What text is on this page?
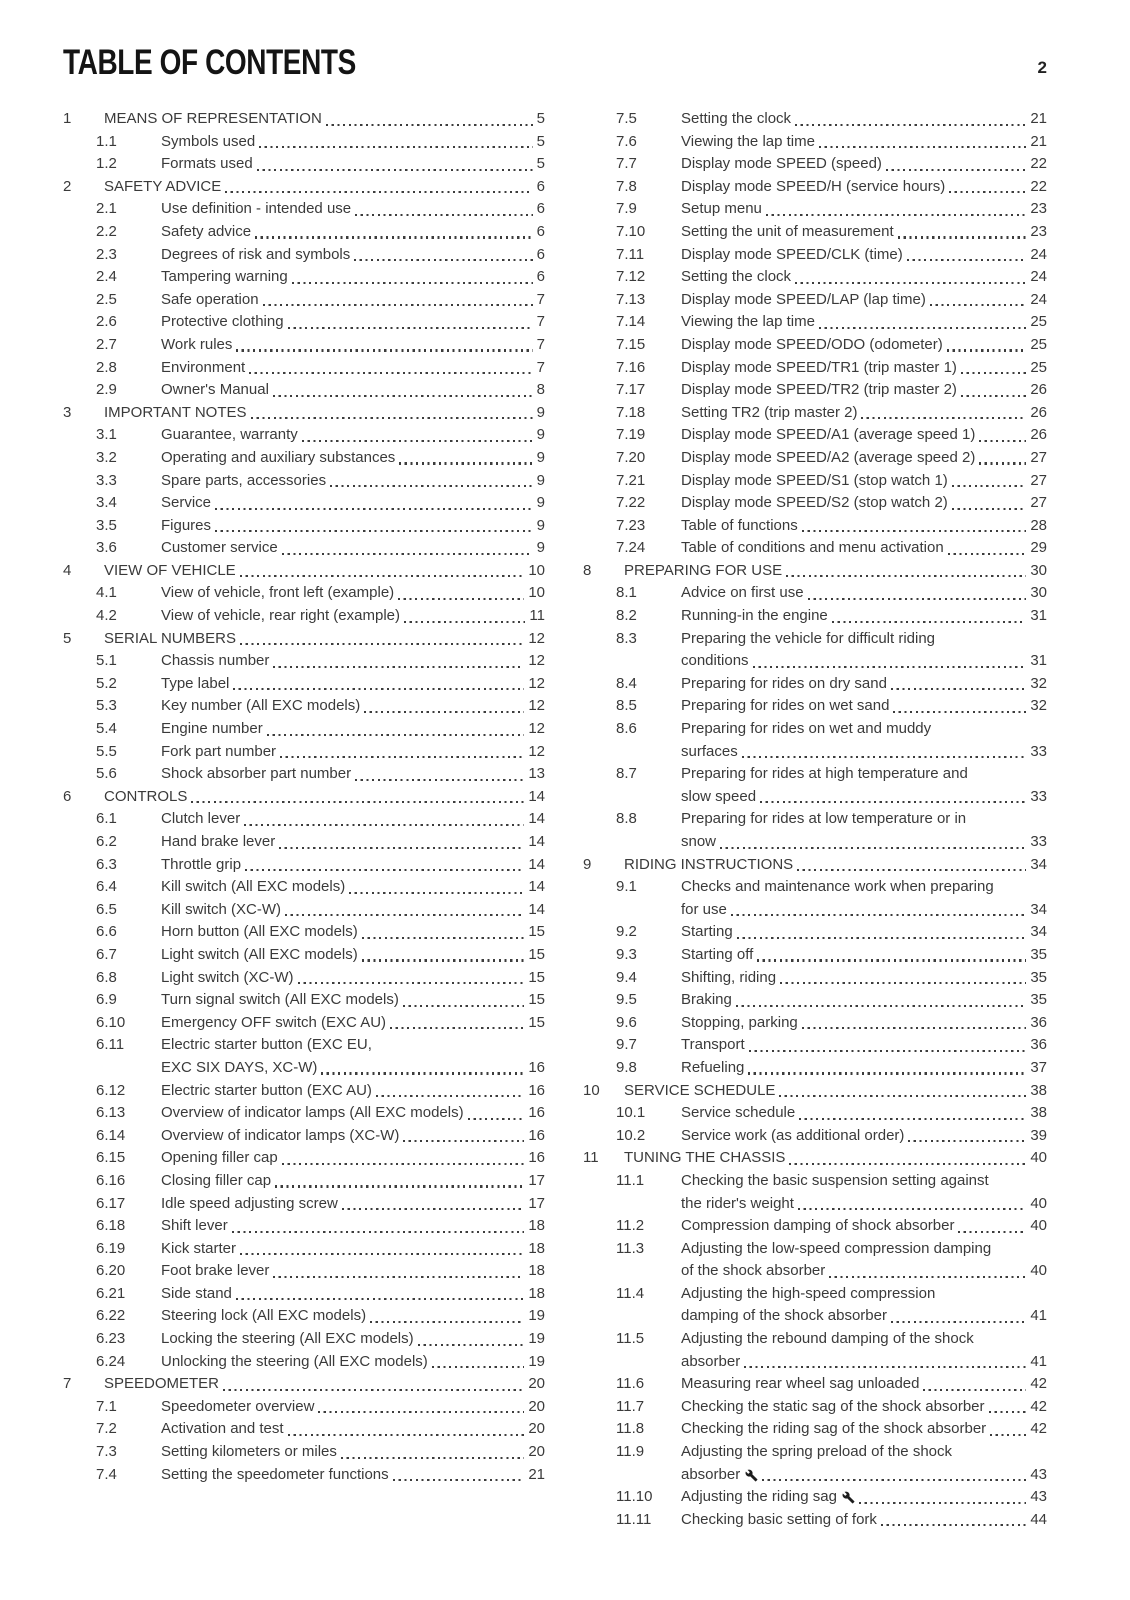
TABLE OF CONTENTS	2
1	MEANS OF REPRESENTATION	5
1.1	Symbols used	5
1.2	Formats used	5
2	SAFETY ADVICE	6
2.1	Use definition - intended use	6
2.2	Safety advice	6
2.3	Degrees of risk and symbols	6
2.4	Tampering warning	6
2.5	Safe operation	7
2.6	Protective clothing	7
2.7	Work rules	7
2.8	Environment	7
2.9	Owner's Manual	8
3	IMPORTANT NOTES	9
3.1	Guarantee, warranty	9
3.2	Operating and auxiliary substances	9
3.3	Spare parts, accessories	9
3.4	Service	9
3.5	Figures	9
3.6	Customer service	9
4	VIEW OF VEHICLE	10
4.1	View of vehicle, front left (example)	10
4.2	View of vehicle, rear right (example)	11
5	SERIAL NUMBERS	12
5.1	Chassis number	12
5.2	Type label	12
5.3	Key number (All EXC models)	12
5.4	Engine number	12
5.5	Fork part number	12
5.6	Shock absorber part number	13
6	CONTROLS	14
6.1	Clutch lever	14
6.2	Hand brake lever	14
6.3	Throttle grip	14
6.4	Kill switch (All EXC models)	14
6.5	Kill switch (XC-W)	14
6.6	Horn button (All EXC models)	15
6.7	Light switch (All EXC models)	15
6.8	Light switch (XC-W)	15
6.9	Turn signal switch (All EXC models)	15
6.10	Emergency OFF switch (EXC AU)	15
6.11	Electric starter button (EXC EU,
EXC SIX DAYS, XC-W)	16
6.12	Electric starter button (EXC AU)	16
6.13	Overview of indicator lamps (All EXC models)	16
6.14	Overview of indicator lamps (XC-W)	16
6.15	Opening filler cap	16
6.16	Closing filler cap	17
6.17	Idle speed adjusting screw	17
6.18	Shift lever	18
6.19	Kick starter	18
6.20	Foot brake lever	18
6.21	Side stand	18
6.22	Steering lock (All EXC models)	19
6.23	Locking the steering (All EXC models)	19
6.24	Unlocking the steering (All EXC models)	19
7	SPEEDOMETER	20
7.1	Speedometer overview	20
7.2	Activation and test	20
7.3	Setting kilometers or miles	20
7.4	Setting the speedometer functions	21
7.5	Setting the clock	21
7.6	Viewing the lap time	21
7.7	Display mode SPEED (speed)	22
7.8	Display mode SPEED/H (service hours)	22
7.9	Setup menu	23
7.10	Setting the unit of measurement	23
7.11	Display mode SPEED/CLK (time)	24
7.12	Setting the clock	24
7.13	Display mode SPEED/LAP (lap time)	24
7.14	Viewing the lap time	25
7.15	Display mode SPEED/ODO (odometer)	25
7.16	Display mode SPEED/TR1 (trip master 1)	25
7.17	Display mode SPEED/TR2 (trip master 2)	26
7.18	Setting TR2 (trip master 2)	26
7.19	Display mode SPEED/A1 (average speed 1)	26
7.20	Display mode SPEED/A2 (average speed 2)	27
7.21	Display mode SPEED/S1 (stop watch 1)	27
7.22	Display mode SPEED/S2 (stop watch 2)	27
7.23	Table of functions	28
7.24	Table of conditions and menu activation	29
8	PREPARING FOR USE	30
8.1	Advice on first use	30
8.2	Running-in the engine	31
8.3	Preparing the vehicle for difficult riding
conditions	31
8.4	Preparing for rides on dry sand	32
8.5	Preparing for rides on wet sand	32
8.6	Preparing for rides on wet and muddy
surfaces	33
8.7	Preparing for rides at high temperature and
slow speed	33
8.8	Preparing for rides at low temperature or in
snow	33
9	RIDING INSTRUCTIONS	34
9.1	Checks and maintenance work when preparing
for use	34
9.2	Starting	34
9.3	Starting off	35
9.4	Shifting, riding	35
9.5	Braking	35
9.6	Stopping, parking	36
9.7	Transport	36
9.8	Refueling	37
10	SERVICE SCHEDULE	38
10.1	Service schedule	38
10.2	Service work (as additional order)	39
11	TUNING THE CHASSIS	40
11.1	Checking the basic suspension setting against
the rider's weight	40
11.2	Compression damping of shock absorber	40
11.3	Adjusting the low-speed compression damping
of the shock absorber	40
11.4	Adjusting the high-speed compression
damping of the shock absorber	41
11.5	Adjusting the rebound damping of the shock
absorber	41
11.6	Measuring rear wheel sag unloaded	42
11.7	Checking the static sag of the shock absorber	42
11.8	Checking the riding sag of the shock absorber	42
11.9	Adjusting the spring preload of the shock
absorber	43
11.10	Adjusting the riding sag	43
11.11	Checking basic setting of fork	44
